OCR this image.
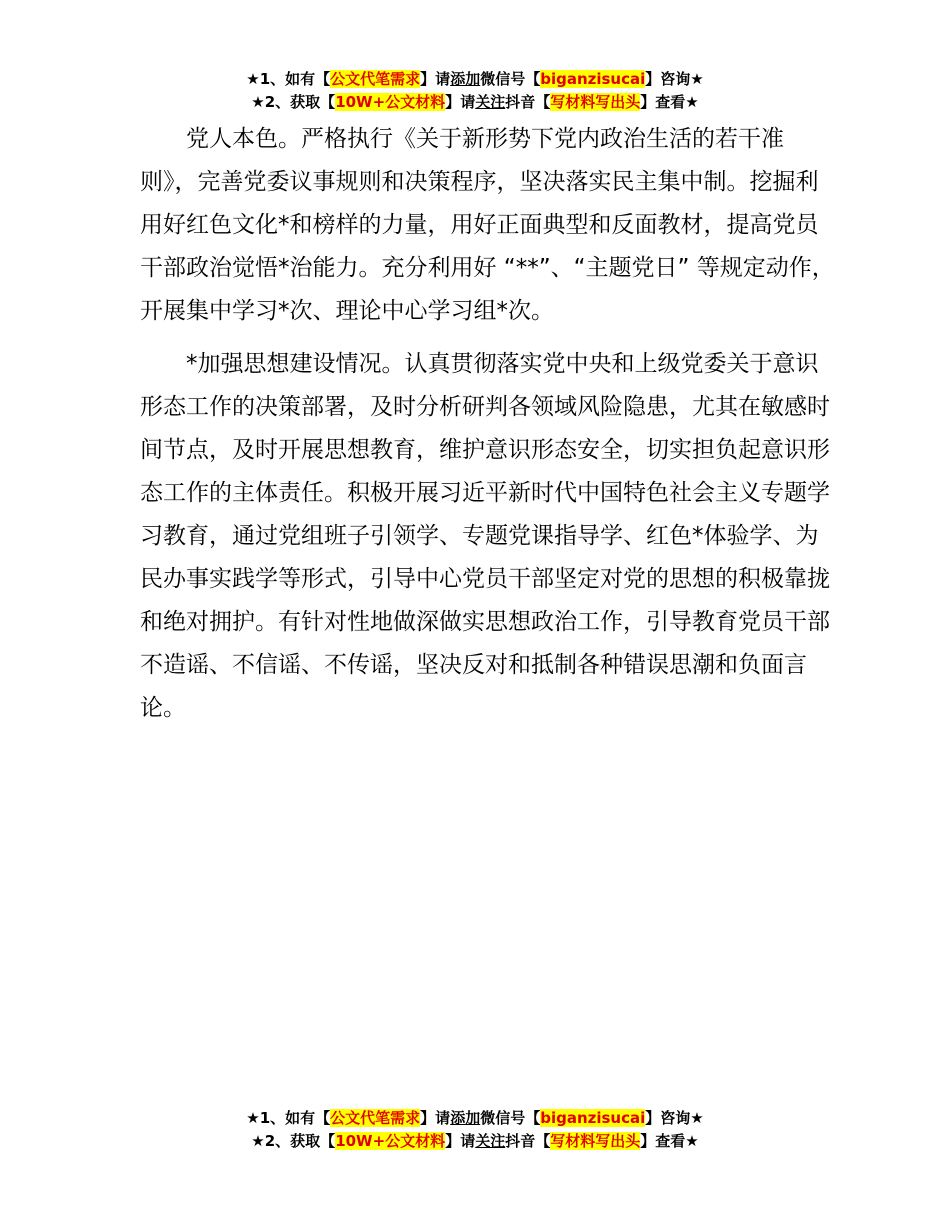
★1、如有【公文代笔需求】请添加微信号【biganzisucai】咨询★
★2、获取【10W+公文材料】请关注抖音【写材料写出头】查看★

党人本色。严格执行《关于新形势下党内政治生活的若干准则》，完善党委议事规则和决策程序，坚决落实民主集中制。挖掘利用好红色文化*和榜样的力量，用好正面典型和反面教材，提高党员干部政治觉悟*治能力。充分利用好 “**”、“主题党日” 等规定动作，开展集中学习*次、理论中心学习组*次。

*加强思想建设情况。认真贯彻落实党中央和上级党委关于意识形态工作的决策部署，及时分析研判各领域风险隐患，尤其在敏感时间节点，及时开展思想教育，维护意识形态安全，切实担负起意识形态工作的主体责任。积极开展习近平新时代中国特色社会主义专题学习教育，通过党组班子引领学、专题党课指导学、红色*体验学、为民办事实践学等形式，引导中心党员干部坚定对党的思想的积极靠拢和绝对拥护。有针对性地做深做实思想政治工作，引导教育党员干部不造谣、不信谣、不传谣，坚决反对和抵制各种错误思潮和负面言论。

★1、如有【公文代笔需求】请添加微信号【biganzisucai】咨询★
★2、获取【10W+公文材料】请关注抖音【写材料写出头】查看★
